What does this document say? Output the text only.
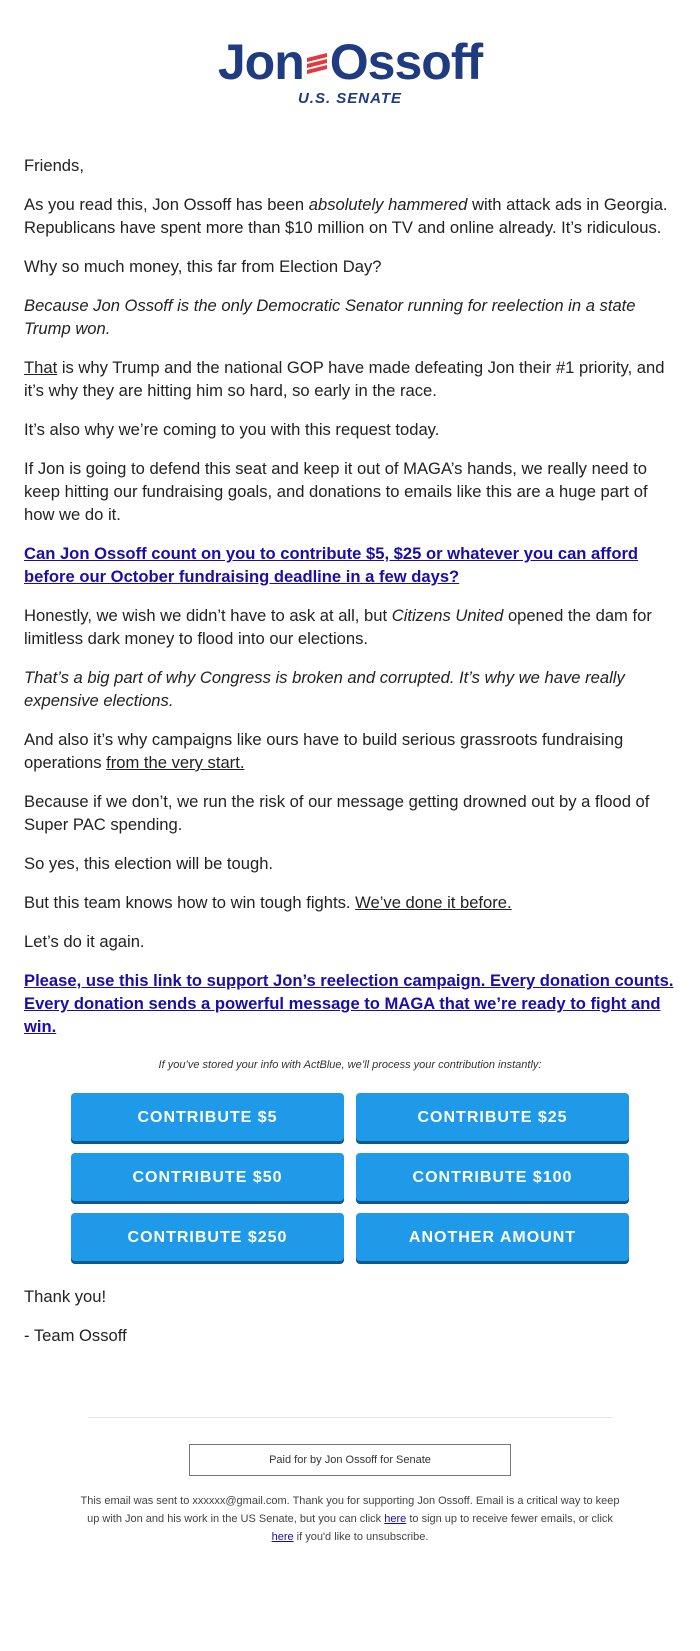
Jon Ossoff
U.S. SENATE

Friends,

As you read this, Jon Ossoff has been absolutely hammered with attack ads in Georgia. Republicans have spent more than $10 million on TV and online already. It’s ridiculous.

Why so much money, this far from Election Day?

Because Jon Ossoff is the only Democratic Senator running for reelection in a state Trump won.

That is why Trump and the national GOP have made defeating Jon their #1 priority, and it’s why they are hitting him so hard, so early in the race.

It’s also why we’re coming to you with this request today.

If Jon is going to defend this seat and keep it out of MAGA’s hands, we really need to keep hitting our fundraising goals, and donations to emails like this are a huge part of how we do it.

Can Jon Ossoff count on you to contribute $5, $25 or whatever you can afford before our October fundraising deadline in a few days?

Honestly, we wish we didn’t have to ask at all, but Citizens United opened the dam for limitless dark money to flood into our elections.

That’s a big part of why Congress is broken and corrupted. It’s why we have really expensive elections.

And also it’s why campaigns like ours have to build serious grassroots fundraising operations from the very start.

Because if we don’t, we run the risk of our message getting drowned out by a flood of Super PAC spending.

So yes, this election will be tough.

But this team knows how to win tough fights. We’ve done it before.

Let’s do it again.

Please, use this link to support Jon’s reelection campaign. Every donation counts. Every donation sends a powerful message to MAGA that we’re ready to fight and win.

If you’ve stored your info with ActBlue, we’ll process your contribution instantly:
CONTRIBUTE $5	CONTRIBUTE $25
CONTRIBUTE $50	CONTRIBUTE $100
CONTRIBUTE $250	ANOTHER AMOUNT

Thank you!

- Team Ossoff

Paid for by Jon Ossoff for Senate
This email was sent to xxxxxx@gmail.com. Thank you for supporting Jon Ossoff. Email is a critical way to keep up with Jon and his work in the US Senate, but you can click here to sign up to receive fewer emails, or click here if you'd like to unsubscribe.
